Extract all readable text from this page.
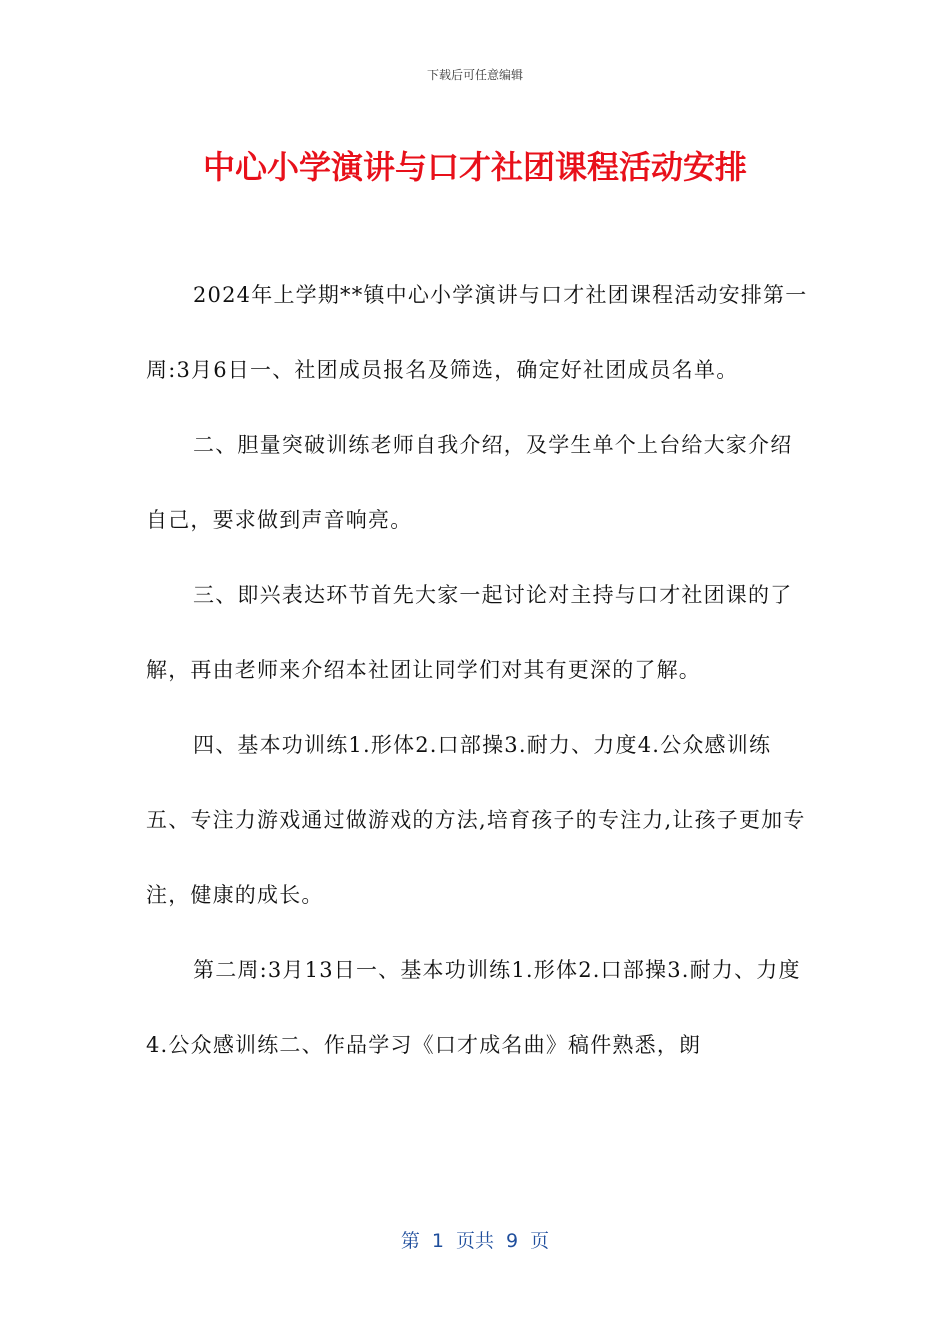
下载后可任意编辑
中心小学演讲与口才社团课程活动安排

2024年上学期**镇中心小学演讲与口才社团课程活动安排第一周:3月6日一、社团成员报名及筛选，确定好社团成员名单。

二、胆量突破训练老师自我介绍，及学生单个上台给大家介绍自己，要求做到声音响亮。

三、即兴表达环节首先大家一起讨论对主持与口才社团课的了解，再由老师来介绍本社团让同学们对其有更深的了解。

四、基本功训练1.形体2.口部操3.耐力、力度4.公众感训练五、专注力游戏通过做游戏的方法,培育孩子的专注力,让孩子更加专注，健康的成长。

第二周:3月13日一、基本功训练1.形体2.口部操3.耐力、力度4.公众感训练二、作品学习《口才成名曲》稿件熟悉，朗

第 1 页共 9 页
